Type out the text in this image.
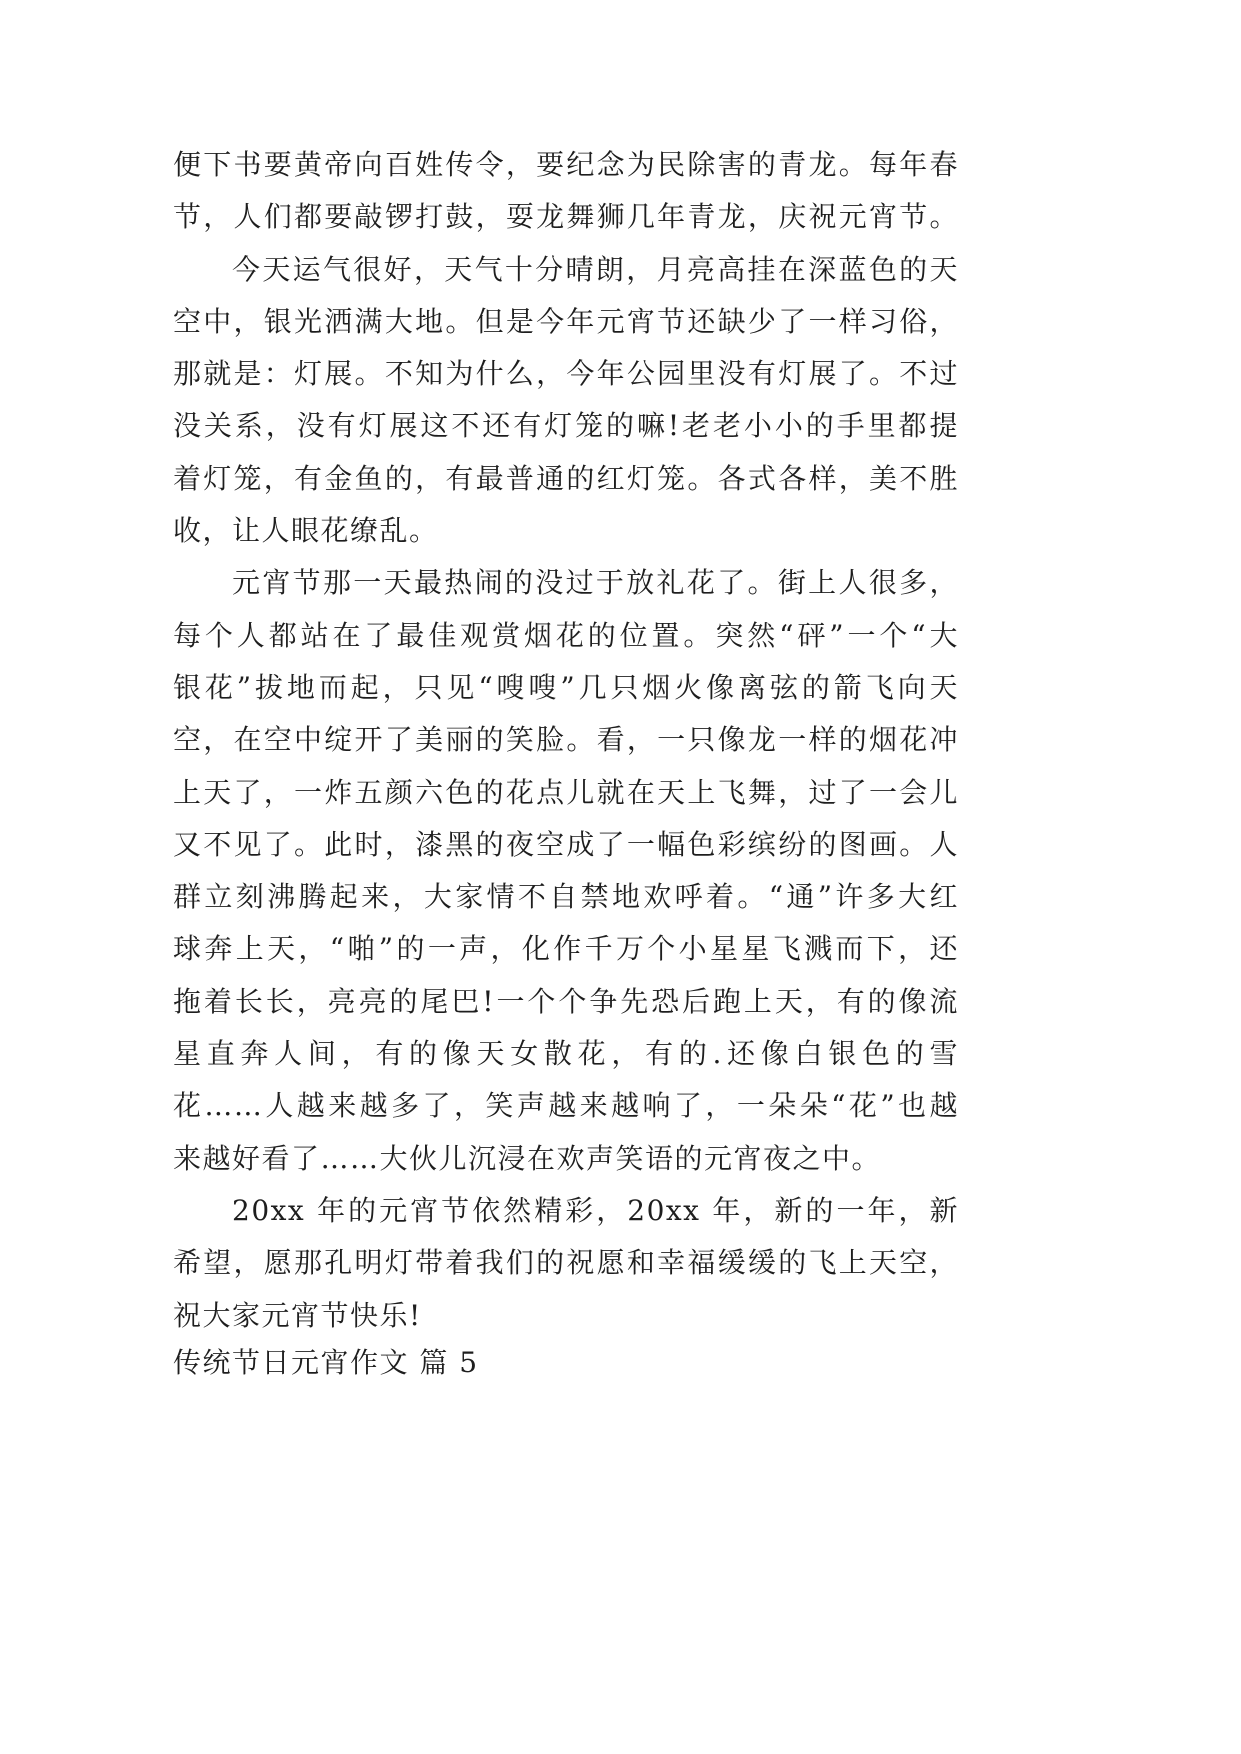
便下书要黄帝向百姓传令，要纪念为民除害的青龙。每年春
节，人们都要敲锣打鼓，耍龙舞狮几年青龙，庆祝元宵节。
今天运气很好，天气十分晴朗，月亮高挂在深蓝色的天
空中，银光洒满大地。但是今年元宵节还缺少了一样习俗，
那就是：灯展。不知为什么，今年公园里没有灯展了。不过
没关系，没有灯展这不还有灯笼的嘛!老老小小的手里都提
着灯笼，有金鱼的，有最普通的红灯笼。各式各样，美不胜
收，让人眼花缭乱。
元宵节那一天最热闹的没过于放礼花了。街上人很多，
每个人都站在了最佳观赏烟花的位置。突然“砰”一个“大
银花”拔地而起，只见“嗖嗖”几只烟火像离弦的箭飞向天
空，在空中绽开了美丽的笑脸。看，一只像龙一样的烟花冲
上天了，一炸五颜六色的花点儿就在天上飞舞，过了一会儿
又不见了。此时，漆黑的夜空成了一幅色彩缤纷的图画。人
群立刻沸腾起来，大家情不自禁地欢呼着。“通”许多大红
球奔上天，“啪”的一声，化作千万个小星星飞溅而下，还
拖着长长，亮亮的尾巴!一个个争先恐后跑上天，有的像流
星直奔人间，有的像天女散花，有的.还像白银色的雪
花……人越来越多了，笑声越来越响了，一朵朵“花”也越
来越好看了……大伙儿沉浸在欢声笑语的元宵夜之中。
20xx 年的元宵节依然精彩，20xx 年，新的一年，新
希望，愿那孔明灯带着我们的祝愿和幸福缓缓的飞上天空，
祝大家元宵节快乐!
传统节日元宵作文 篇 5
